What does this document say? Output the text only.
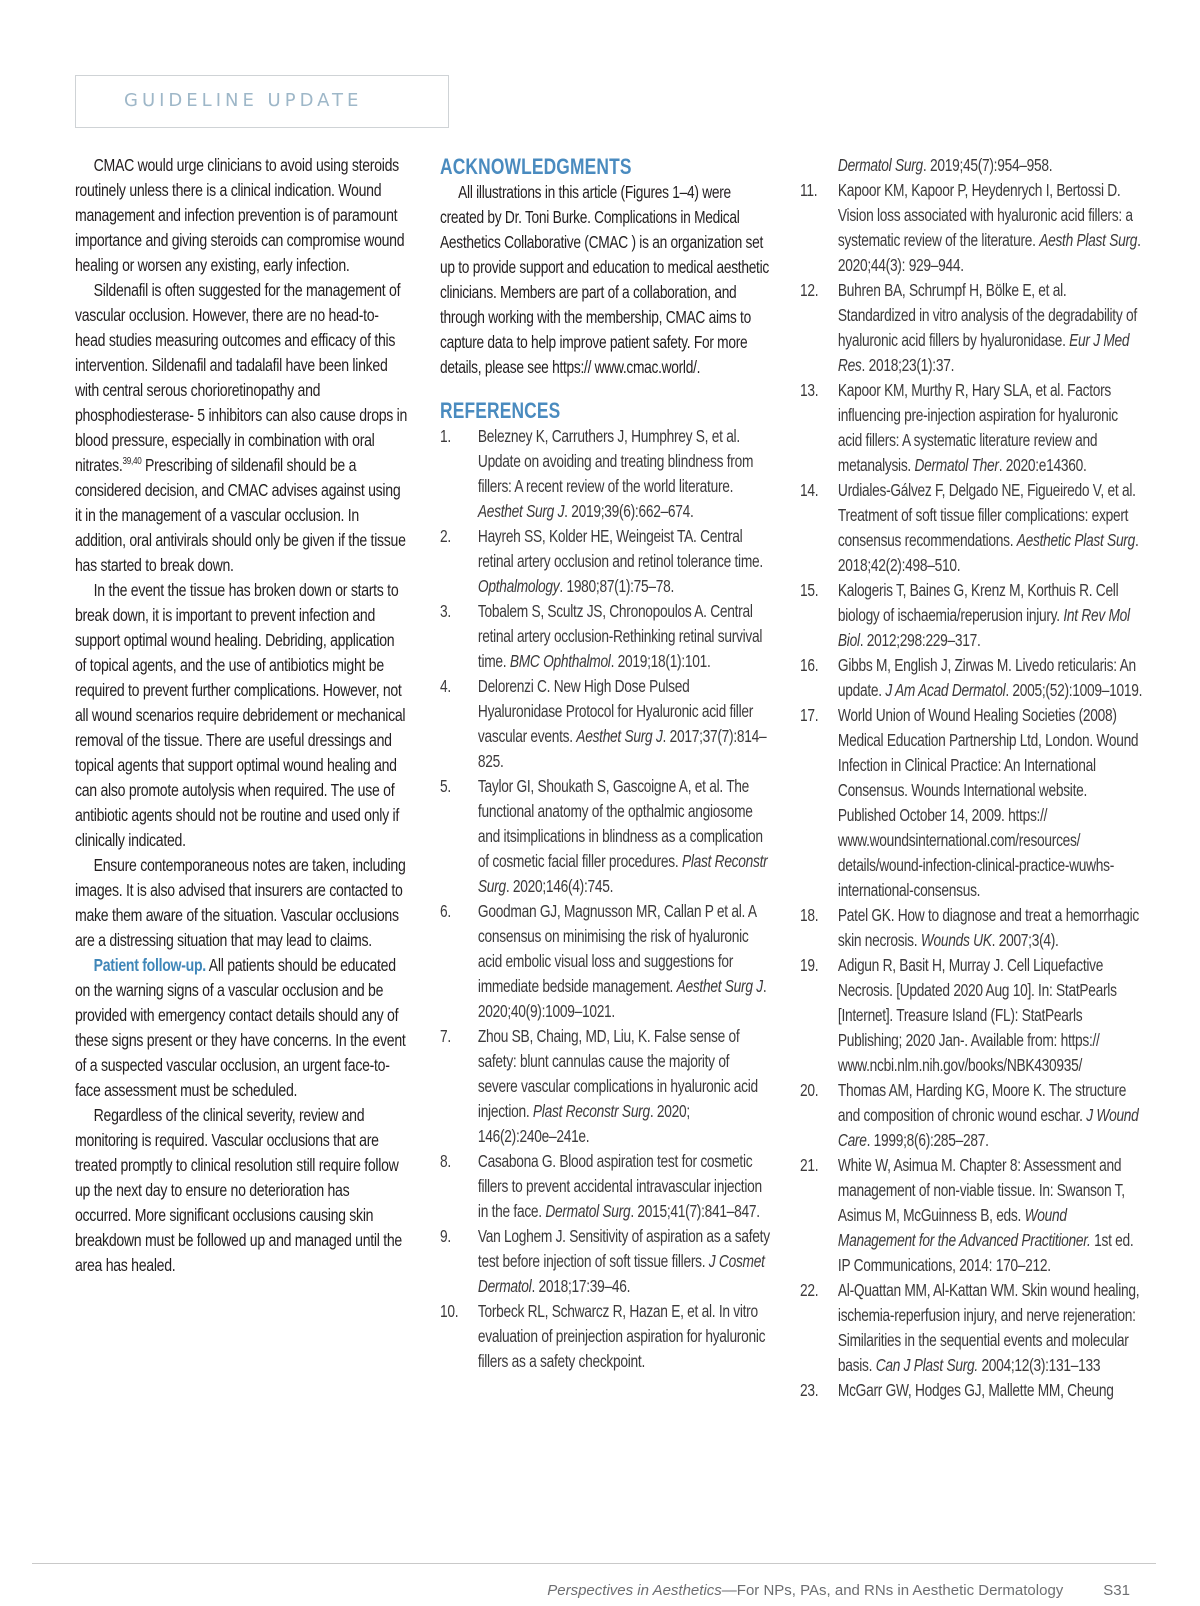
GUIDELINE UPDATE

CMAC would urge clinicians to avoid using steroids routinely unless there is a clinical indication. Wound management and infection prevention is of paramount importance and giving steroids can compromise wound healing or worsen any existing, early infection.

Sildenafil is often suggested for the management of vascular occlusion. However, there are no head-to-head studies measuring outcomes and efficacy of this intervention. Sildenafil and tadalafil have been linked with central serous chorioretinopathy and phosphodiesterase- 5 inhibitors can also cause drops in blood pressure, especially in combination with oral nitrates.$^{39,40}$ Prescribing of sildenafil should be a considered decision, and CMAC advises against using it in the management of a vascular occlusion. In addition, oral antivirals should only be given if the tissue has started to break down.

In the event the tissue has broken down or starts to break down, it is important to prevent infection and support optimal wound healing. Debriding, application of topical agents, and the use of antibiotics might be required to prevent further complications. However, not all wound scenarios require debridement or mechanical removal of the tissue. There are useful dressings and topical agents that support optimal wound healing and can also promote autolysis when required. The use of antibiotic agents should not be routine and used only if clinically indicated.

Ensure contemporaneous notes are taken, including images. It is also advised that insurers are contacted to make them aware of the situation. Vascular occlusions are a distressing situation that may lead to claims.

Patient follow-up. All patients should be educated on the warning signs of a vascular occlusion and be provided with emergency contact details should any of these signs present or they have concerns. In the event of a suspected vascular occlusion, an urgent face-to-face assessment must be scheduled.

Regardless of the clinical severity, review and monitoring is required. Vascular occlusions that are treated promptly to clinical resolution still require follow up the next day to ensure no deterioration has occurred. More significant occlusions causing skin breakdown must be followed up and managed until the area has healed.

ACKNOWLEDGMENTS

All illustrations in this article (Figures 1–4) were created by Dr. Toni Burke. Complications in Medical Aesthetics Collaborative (CMAC ) is an organization set up to provide support and education to medical aesthetic clinicians. Members are part of a collaboration, and through working with the membership, CMAC aims to capture data to help improve patient safety. For more details, please see https:// www.cmac.world/.

REFERENCES
1.	Belezney K, Carruthers J, Humphrey S, et al. Update on avoiding and treating blindness from fillers: A recent review of the world literature. Aesthet Surg J. 2019;39(6):662–674.
2.	Hayreh SS, Kolder HE, Weingeist TA. Central retinal artery occlusion and retinol tolerance time. Opthalmology. 1980;87(1):75–78.
3.	Tobalem S, Scultz JS, Chronopoulos A. Central retinal artery occlusion-Rethinking retinal survival time. BMC Ophthalmol. 2019;18(1):101.
4.	Delorenzi C. New High Dose Pulsed Hyaluronidase Protocol for Hyaluronic acid filler vascular events. Aesthet Surg J. 2017;37(7):814–825.
5.	Taylor GI, Shoukath S, Gascoigne A, et al. The functional anatomy of the opthalmic angiosome and itsimplications in blindness as a complication of cosmetic facial filler procedures. Plast Reconstr Surg. 2020;146(4):745.
6.	Goodman GJ, Magnusson MR, Callan P et al. A consensus on minimising the risk of hyaluronic acid embolic visual loss and suggestions for immediate bedside management. Aesthet Surg J. 2020;40(9):1009–1021.
7.	Zhou SB, Chaing, MD, Liu, K. False sense of safety: blunt cannulas cause the majority of severe vascular complications in hyaluronic acid injection. Plast Reconstr Surg. 2020; 146(2):240e–241e.
8.	Casabona G. Blood aspiration test for cosmetic fillers to prevent accidental intravascular injection in the face. Dermatol Surg. 2015;41(7):841–847.
9.	Van Loghem J. Sensitivity of aspiration as a safety test before injection of soft tissue fillers. J Cosmet Dermatol. 2018;17:39–46.
10.	Torbeck RL, Schwarcz R, Hazan E, et al. In vitro evaluation of preinjection aspiration for hyaluronic fillers as a safety checkpoint.
Dermatol Surg. 2019;45(7):954–958.
11.	Kapoor KM, Kapoor P, Heydenrych I, Bertossi D. Vision loss associated with hyaluronic acid fillers: a systematic review of the literature. Aesth Plast Surg. 2020;44(3): 929–944.
12.	Buhren BA, Schrumpf H, Bölke E, et al. Standardized in vitro analysis of the degradability of hyaluronic acid fillers by hyaluronidase. Eur J Med Res. 2018;23(1):37.
13.	Kapoor KM, Murthy R, Hary SLA, et al. Factors influencing pre-injection aspiration for hyaluronic acid fillers: A systematic literature review and metanalysis. Dermatol Ther. 2020:e14360.
14.	Urdiales-Gálvez F, Delgado NE, Figueiredo V, et al. Treatment of soft tissue filler complications: expert consensus recommendations. Aesthetic Plast Surg. 2018;42(2):498–510.
15.	Kalogeris T, Baines G, Krenz M, Korthuis R. Cell biology of ischaemia/reperusion injury. Int Rev Mol Biol. 2012;298:229–317.
16.	Gibbs M, English J, Zirwas M. Livedo reticularis: An update. J Am Acad Dermatol. 2005;(52):1009–1019.
17.	World Union of Wound Healing Societies (2008) Medical Education Partnership Ltd, London. Wound Infection in Clinical Practice: An International Consensus. Wounds International website. Published October 14, 2009. https:// www.woundsinternational.com/resources/ details/wound-infection-clinical-practice-wuwhs-international-consensus.
18.	Patel GK. How to diagnose and treat a hemorrhagic skin necrosis. Wounds UK. 2007;3(4).
19.	Adigun R, Basit H, Murray J. Cell Liquefactive Necrosis. [Updated 2020 Aug 10]. In: StatPearls [Internet]. Treasure Island (FL): StatPearls Publishing; 2020 Jan-. Available from: https:// www.ncbi.nlm.nih.gov/books/NBK430935/
20.	Thomas AM, Harding KG, Moore K. The structure and composition of chronic wound eschar. J Wound Care. 1999;8(6):285–287.
21.	White W, Asimua M. Chapter 8: Assessment and management of non-viable tissue. In: Swanson T, Asimus M, McGuinness B, eds. Wound Management for the Advanced Practitioner. 1st ed. IP Communications, 2014: 170–212.
22.	Al-Quattan MM, Al-Kattan WM. Skin wound healing, ischemia-reperfusion injury, and nerve rejeneration: Similarities in the sequential events and molecular basis. Can J Plast Surg. 2004;12(3):131–133
23.	McGarr GW, Hodges GJ, Mallette MM, Cheung
Perspectives in Aesthetics—For NPs, PAs, and RNs in Aesthetic Dermatology	S31
